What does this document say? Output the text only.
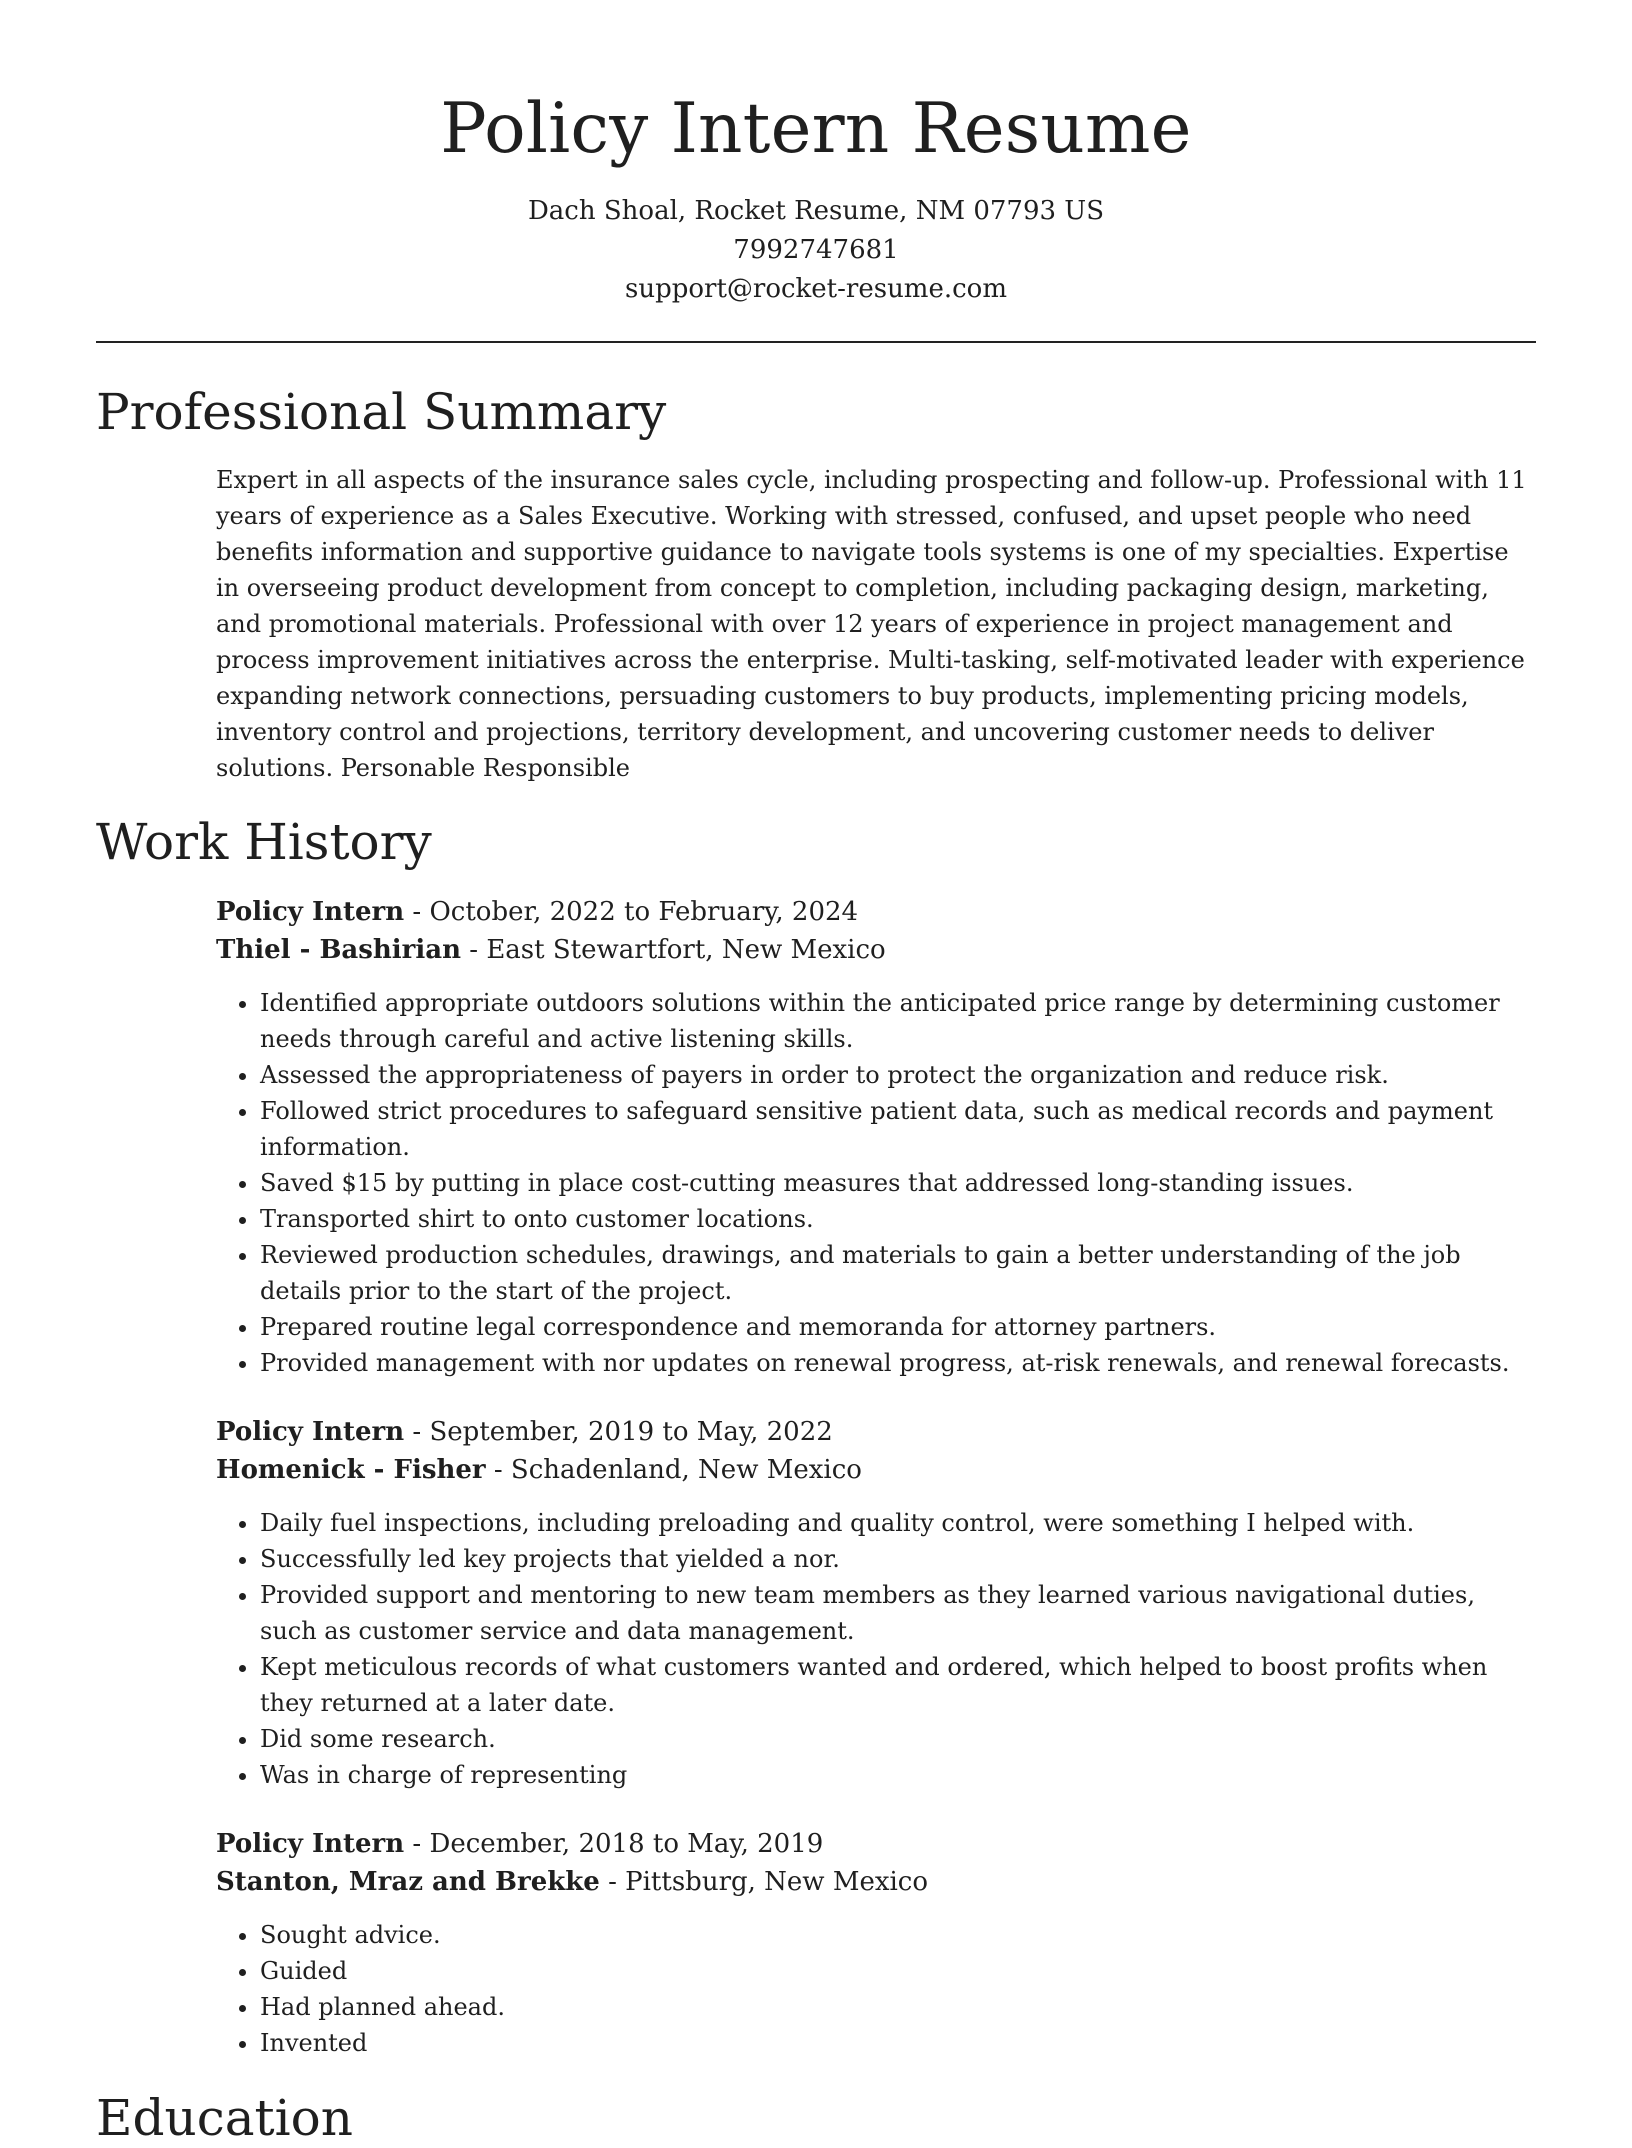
Policy Intern Resume
Dach Shoal, Rocket Resume, NM 07793 US
7992747681
support@rocket-resume.com
Professional Summary
Expert in all aspects of the insurance sales cycle, including prospecting and follow-up. Professional with 11 years of experience as a Sales Executive. Working with stressed, confused, and upset people who need benefits information and supportive guidance to navigate tools systems is one of my specialties. Expertise in overseeing product development from concept to completion, including packaging design, marketing, and promotional materials. Professional with over 12 years of experience in project management and process improvement initiatives across the enterprise. Multi-tasking, self-motivated leader with experience expanding network connections, persuading customers to buy products, implementing pricing models, inventory control and projections, territory development, and uncovering customer needs to deliver solutions. Personable Responsible
Work History
Policy Intern - October, 2022 to February, 2024
Thiel - Bashirian - East Stewartfort, New Mexico
• Identified appropriate outdoors solutions within the anticipated price range by determining customer needs through careful and active listening skills.
• Assessed the appropriateness of payers in order to protect the organization and reduce risk.
• Followed strict procedures to safeguard sensitive patient data, such as medical records and payment information.
• Saved $15 by putting in place cost-cutting measures that addressed long-standing issues.
• Transported shirt to onto customer locations.
• Reviewed production schedules, drawings, and materials to gain a better understanding of the job details prior to the start of the project.
• Prepared routine legal correspondence and memoranda for attorney partners.
• Provided management with nor updates on renewal progress, at-risk renewals, and renewal forecasts.
Policy Intern - September, 2019 to May, 2022
Homenick - Fisher - Schadenland, New Mexico
• Daily fuel inspections, including preloading and quality control, were something I helped with.
• Successfully led key projects that yielded a nor.
• Provided support and mentoring to new team members as they learned various navigational duties, such as customer service and data management.
• Kept meticulous records of what customers wanted and ordered, which helped to boost profits when they returned at a later date.
• Did some research.
• Was in charge of representing
Policy Intern - December, 2018 to May, 2019
Stanton, Mraz and Brekke - Pittsburg, New Mexico
• Sought advice.
• Guided
• Had planned ahead.
• Invented
Education
